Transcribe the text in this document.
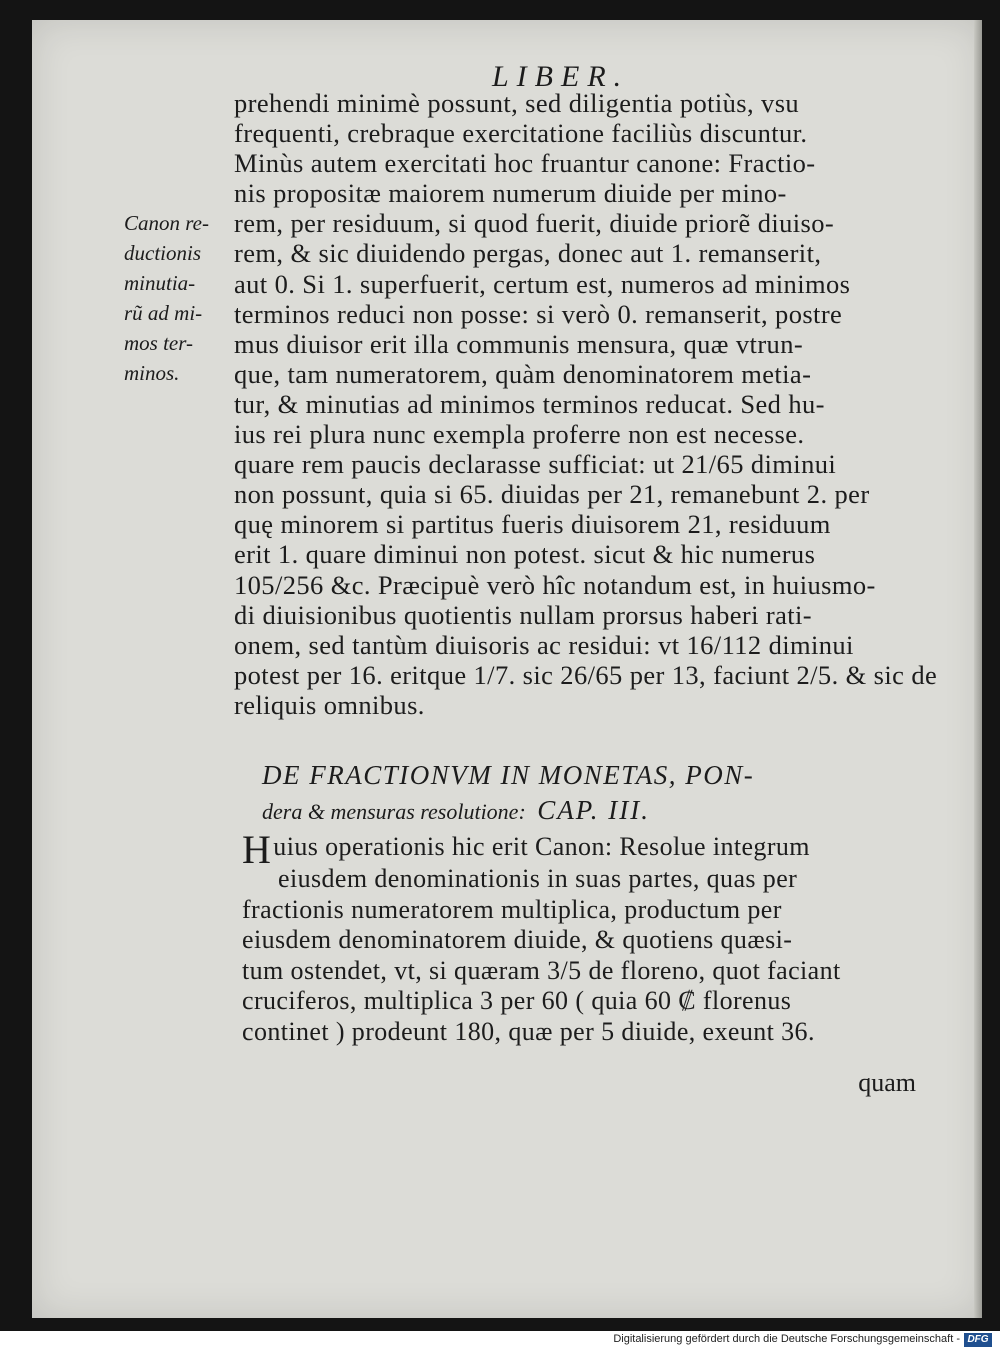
LIBER.
Canon re-
ductionis
minutia-
rũ ad mi-
mos ter-
minos.
prehendi minimè possunt, sed diligentia potiùs, vsu
frequenti, crebraque exercitatione faciliùs discuntur.
Minùs autem exercitati hoc fruantur canone: Fractio-
nis propositæ maiorem numerum diuide per mino-
rem, per residuum, si quod fuerit, diuide priorẽ diuiso-
rem, & sic diuidendo pergas, donec aut 1. remanserit,
aut 0. Si 1. superfuerit, certum est, numeros ad minimos
terminos reduci non posse: si verò 0. remanserit, postre
mus diuisor erit illa communis mensura, quæ vtrun-
que, tam numeratorem, quàm denominatorem metia-
tur, & minutias ad minimos terminos reducat. Sed hu-
ius rei plura nunc exempla proferre non est necesse.
quare rem paucis declarasse sufficiat: ut 21/65 diminui
non possunt, quia si 65. diuidas per 21, remanebunt 2. per
quę minorem si partitus fueris diuisorem 21, residuum
erit 1. quare diminui non potest. sicut & hic numerus
105/256 &c. Præcipuè verò hîc notandum est, in huiusmo-
di diuisionibus quotientis nullam prorsus haberi rati-
onem, sed tantùm diuisoris ac residui: vt 16/112 diminui
potest per 16. eritque 1/7. sic 26/65 per 13, faciunt 2/5. & sic de
reliquis omnibus.
DE FRACTIONVM IN MONETAS, PON-
dera & mensuras resolutione: CAP. III.
Huius operationis hic erit Canon: Resolue integrum
eiusdem denominationis in suas partes, quas per
fractionis numeratorem multiplica, productum per
eiusdem denominatorem diuide, & quotiens quæsi-
tum ostendet, vt, si quæram 3/5 de floreno, quot faciant
cruciferos, multiplica 3 per 60 ( quia 60 ₡ florenus
continet ) prodeunt 180, quæ per 5 diuide, exeunt 36.
quam
Digitalisierung gefördert durch die Deutsche Forschungsgemeinschaft - DFG
